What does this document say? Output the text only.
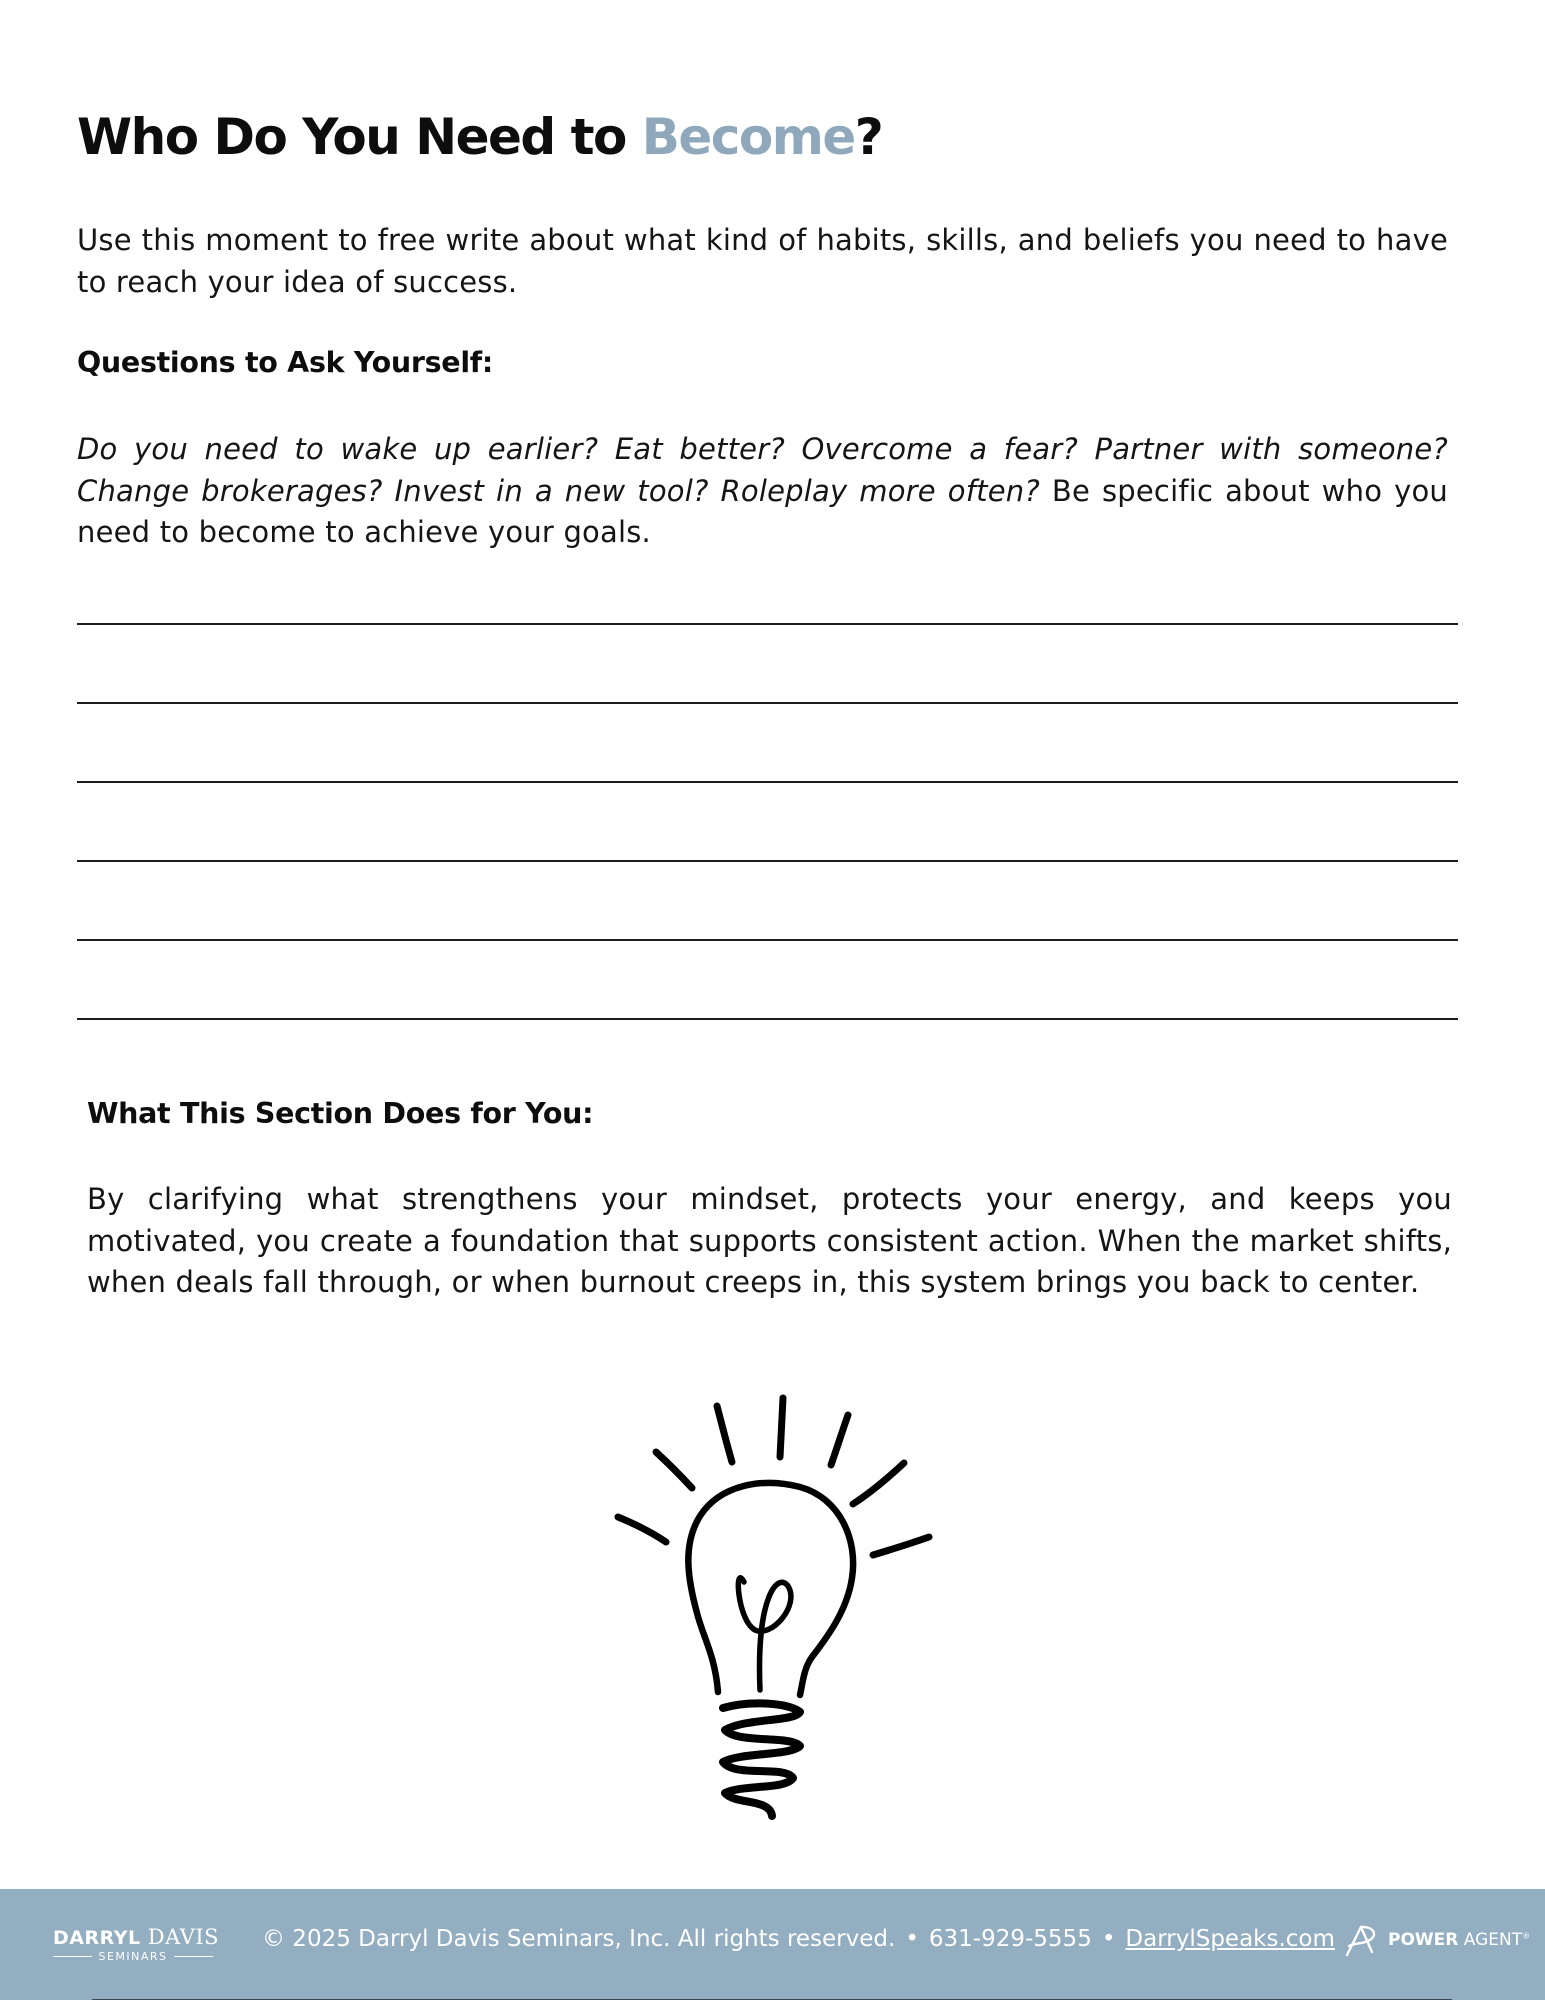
Who Do You Need to Become?

Use this moment to free write about what kind of habits, skills, and beliefs you need to have to reach your idea of success.

Questions to Ask Yourself:

Do you need to wake up earlier? Eat better? Overcome a fear? Partner with someone? Change brokerages? Invest in a new tool? Roleplay more often? Be specific about who you need to become to achieve your goals.

What This Section Does for You:

By clarifying what strengthens your mindset, protects your energy, and keeps you motivated, you create a foundation that supports consistent action. When the market shifts, when deals fall through, or when burnout creeps in, this system brings you back to center.

DARRYL DAVIS
SEMINARS
© 2025 Darryl Davis Seminars, Inc. All rights reserved. • 631-929-5555 • DarrylSpeaks.com	POWER AGENT®
